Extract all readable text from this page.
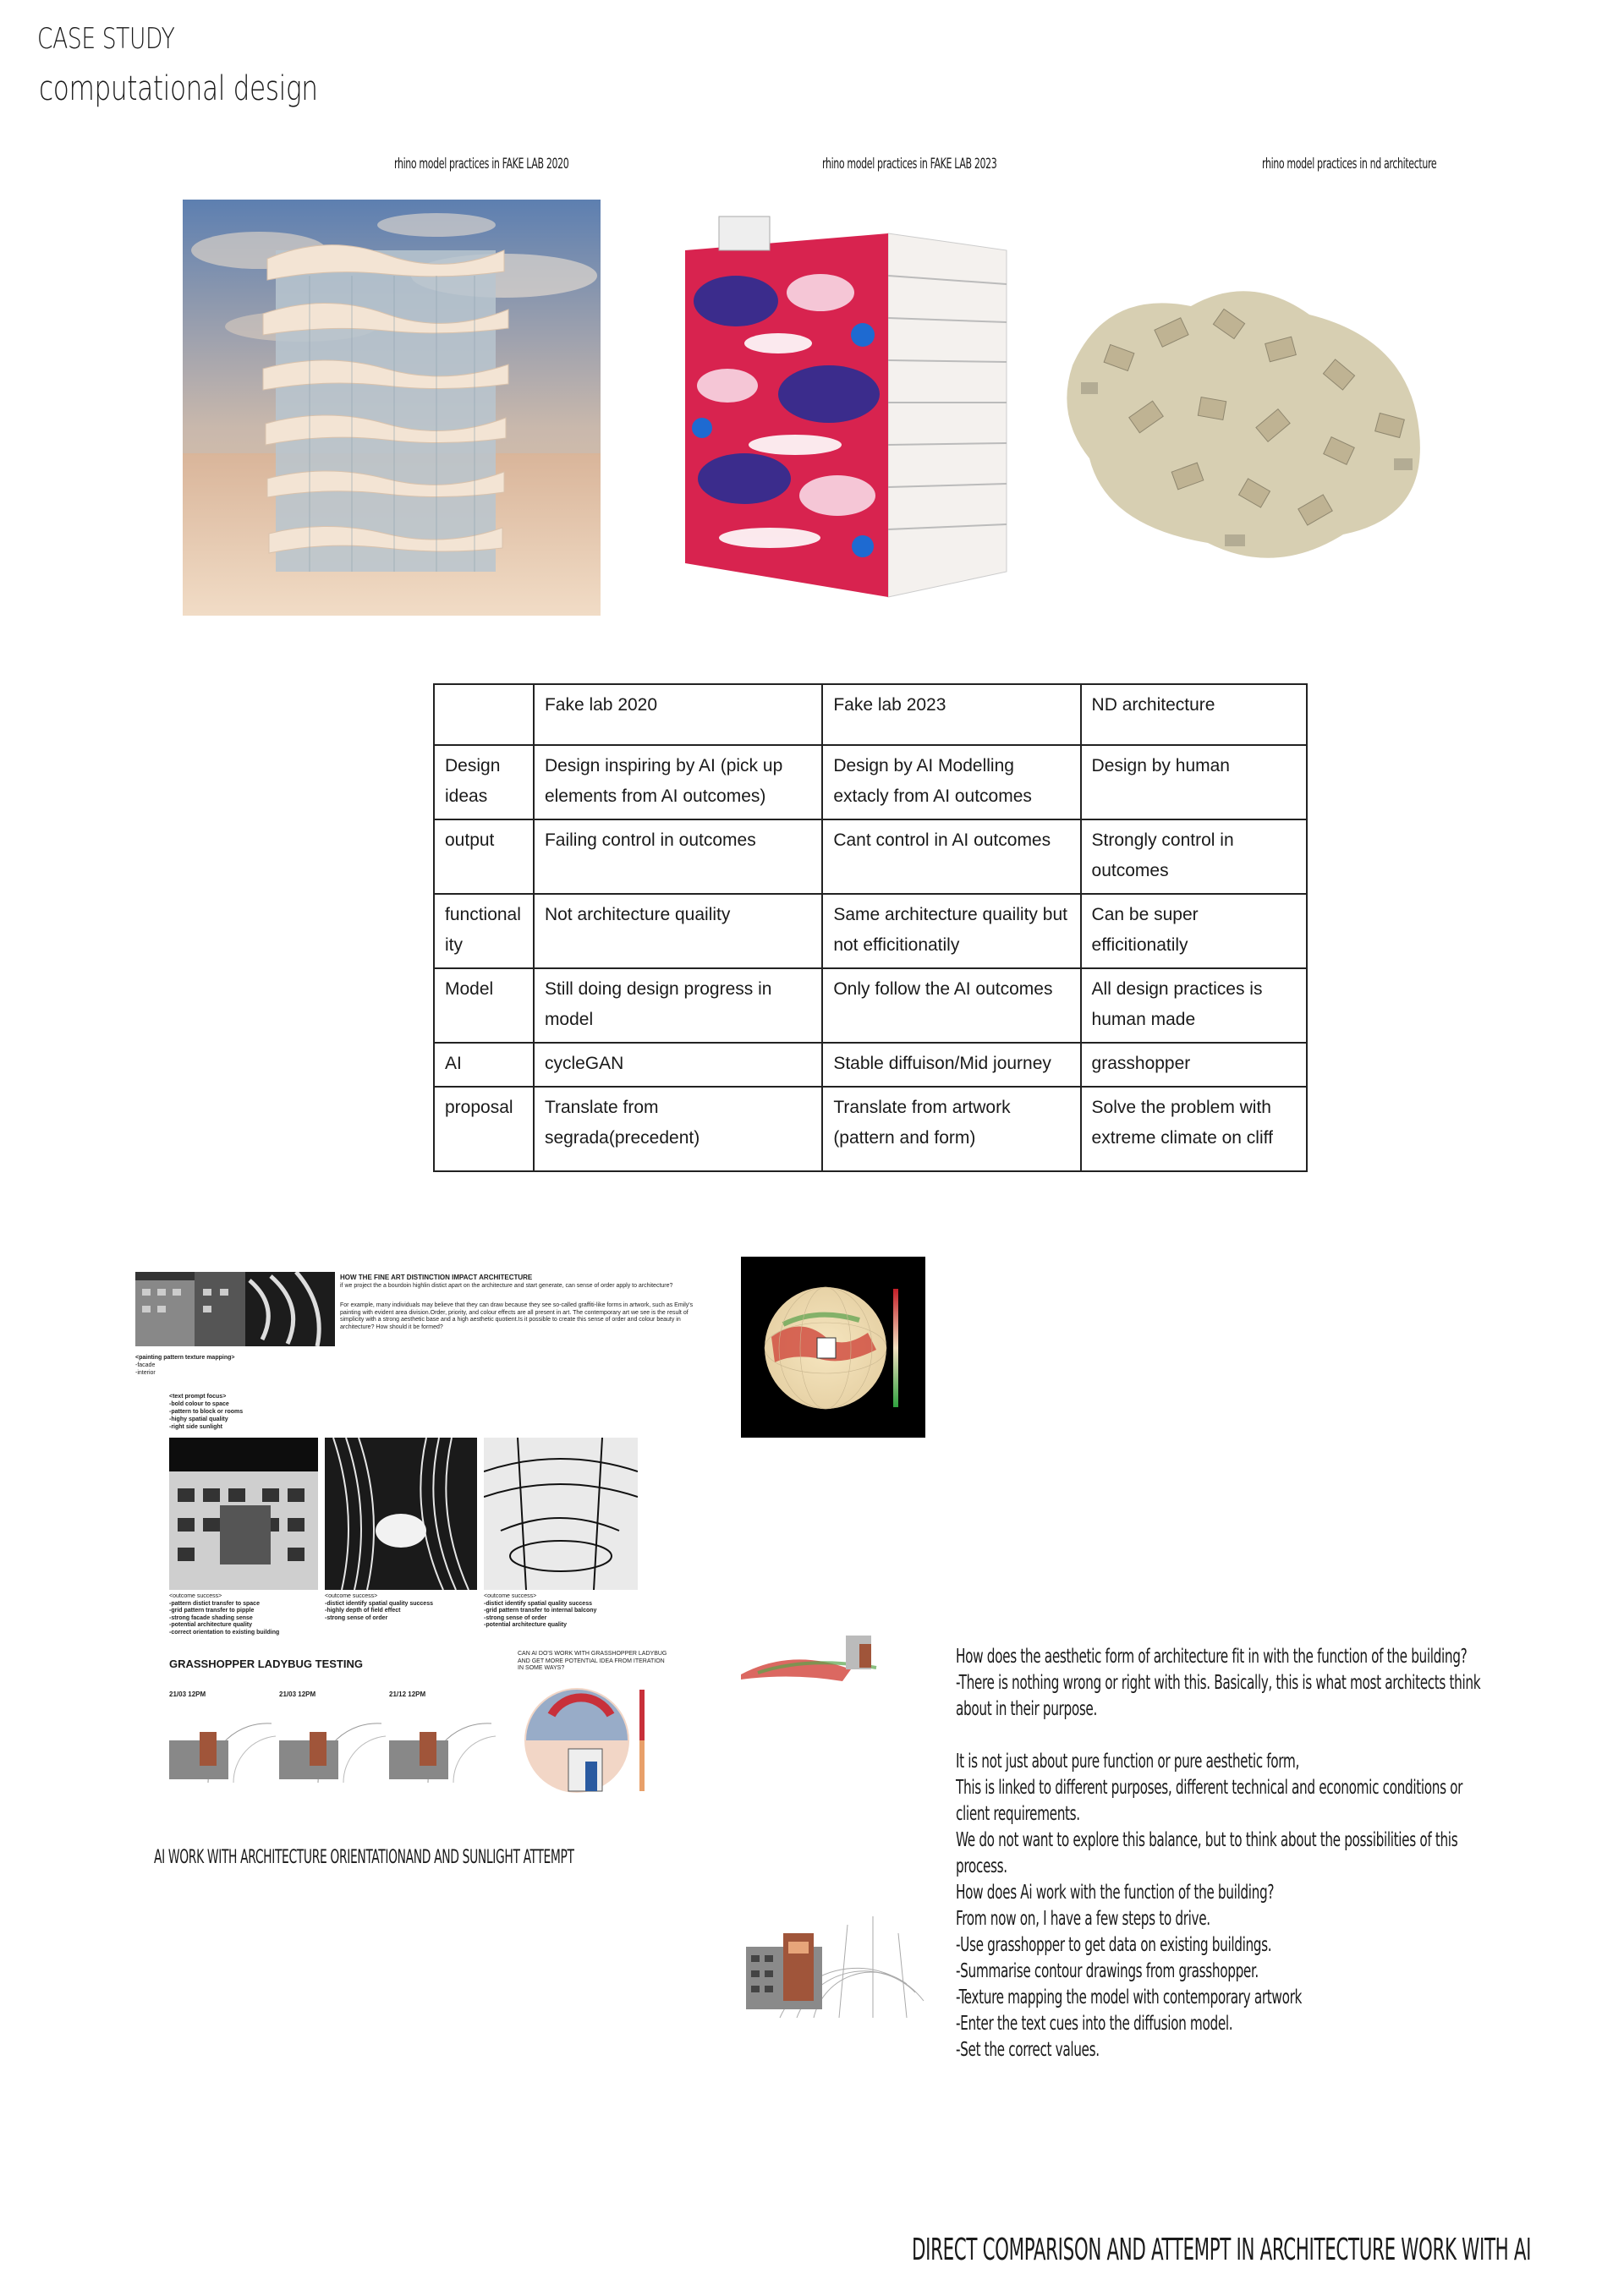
CASE STUDY
computational design
rhino model practices in FAKE LAB 2020	rhino model practices in FAKE LAB 2023	rhino model practices in nd architecture
	Fake lab 2020	Fake lab 2023	ND architecture
Design ideas	Design inspiring by AI (pick up elements from AI outcomes)	Design by AI Modelling extacly from AI outcomes	Design by human
output	Failing control in outcomes	Cant control in AI outcomes	Strongly control in outcomes
functionality	Not architecture quaility	Same architecture quaility but not efficitionatily	Can be super efficitionatily
Model	Still doing design progress in model	Only follow the AI outcomes	All design practices is human made
AI	cycleGAN	Stable diffuison/Mid journey	grasshopper
proposal	Translate from segrada(precedent)	Translate from artwork (pattern and form)	Solve the problem with extreme climate on cliff
HOW THE FINE ART DISTINCTION IMPACT ARCHITECTURE
if we project the a bourdoin highlin distict apart on the architecture and start generate, can sense of order apply to architecture?
For example, many individuals may believe that they can draw because they see so-called graffiti-like forms in artwork, such as Emily's painting with evident area division.Order, priority, and colour effects are all present in art. The contemporary art we see is the result of simplicity with a strong aesthetic base and a high aesthetic quotient.Is it possible to create this sense of order and colour beauty in architecture? How should it be formed?
<painting pattern texture mapping>
-facade
-interior
<text prompt focus>
-bold colour to space
-pattern to block or rooms
-highy spatial quality
-right side sunlight
<outcome success>
-pattern distict transfer to space
-grid pattern transfer to pipple
-strong facade shading sense
-potential architecture quality
-correct orientation to existing building
<outcome success>
-distict identify spatial quality success
-highly depth of field effect
-strong sense of order
<outcome success>
-distict identify spatial quality success
-grid pattern transfer to internal balcony
-strong sense of order
-potential architecture quality
GRASSHOPPER LADYBUG TESTING
CAN AI DO'S WORK WITH GRASSHOPPER LADYBUG AND GET MORE POTENTIAL IDEA FROM ITERATION IN SOME WAYS?
21/03 12PM	21/03 12PM	21/12 12PM
AI WORK WITH ARCHITECTURE ORIENTATIONAND AND SUNLIGHT ATTEMPT
How does the aesthetic form of architecture fit in with the function of the building?
-There is nothing wrong or right with this. Basically, this is what most architects think
about in their purpose.
It is not just about pure function or pure aesthetic form,
This is linked to different purposes, different technical and economic conditions or
client requirements.
We do not want to explore this balance, but to think about the possibilities of this
process.
How does Ai work with the function of the building?
From now on, I have a few steps to drive.
-Use grasshopper to get data on existing buildings.
-Summarise contour drawings from grasshopper.
-Texture mapping the model with contemporary artwork
-Enter the text cues into the diffusion model.
-Set the correct values.
DIRECT COMPARISON AND ATTEMPT IN ARCHITECTURE WORK WITH AI
